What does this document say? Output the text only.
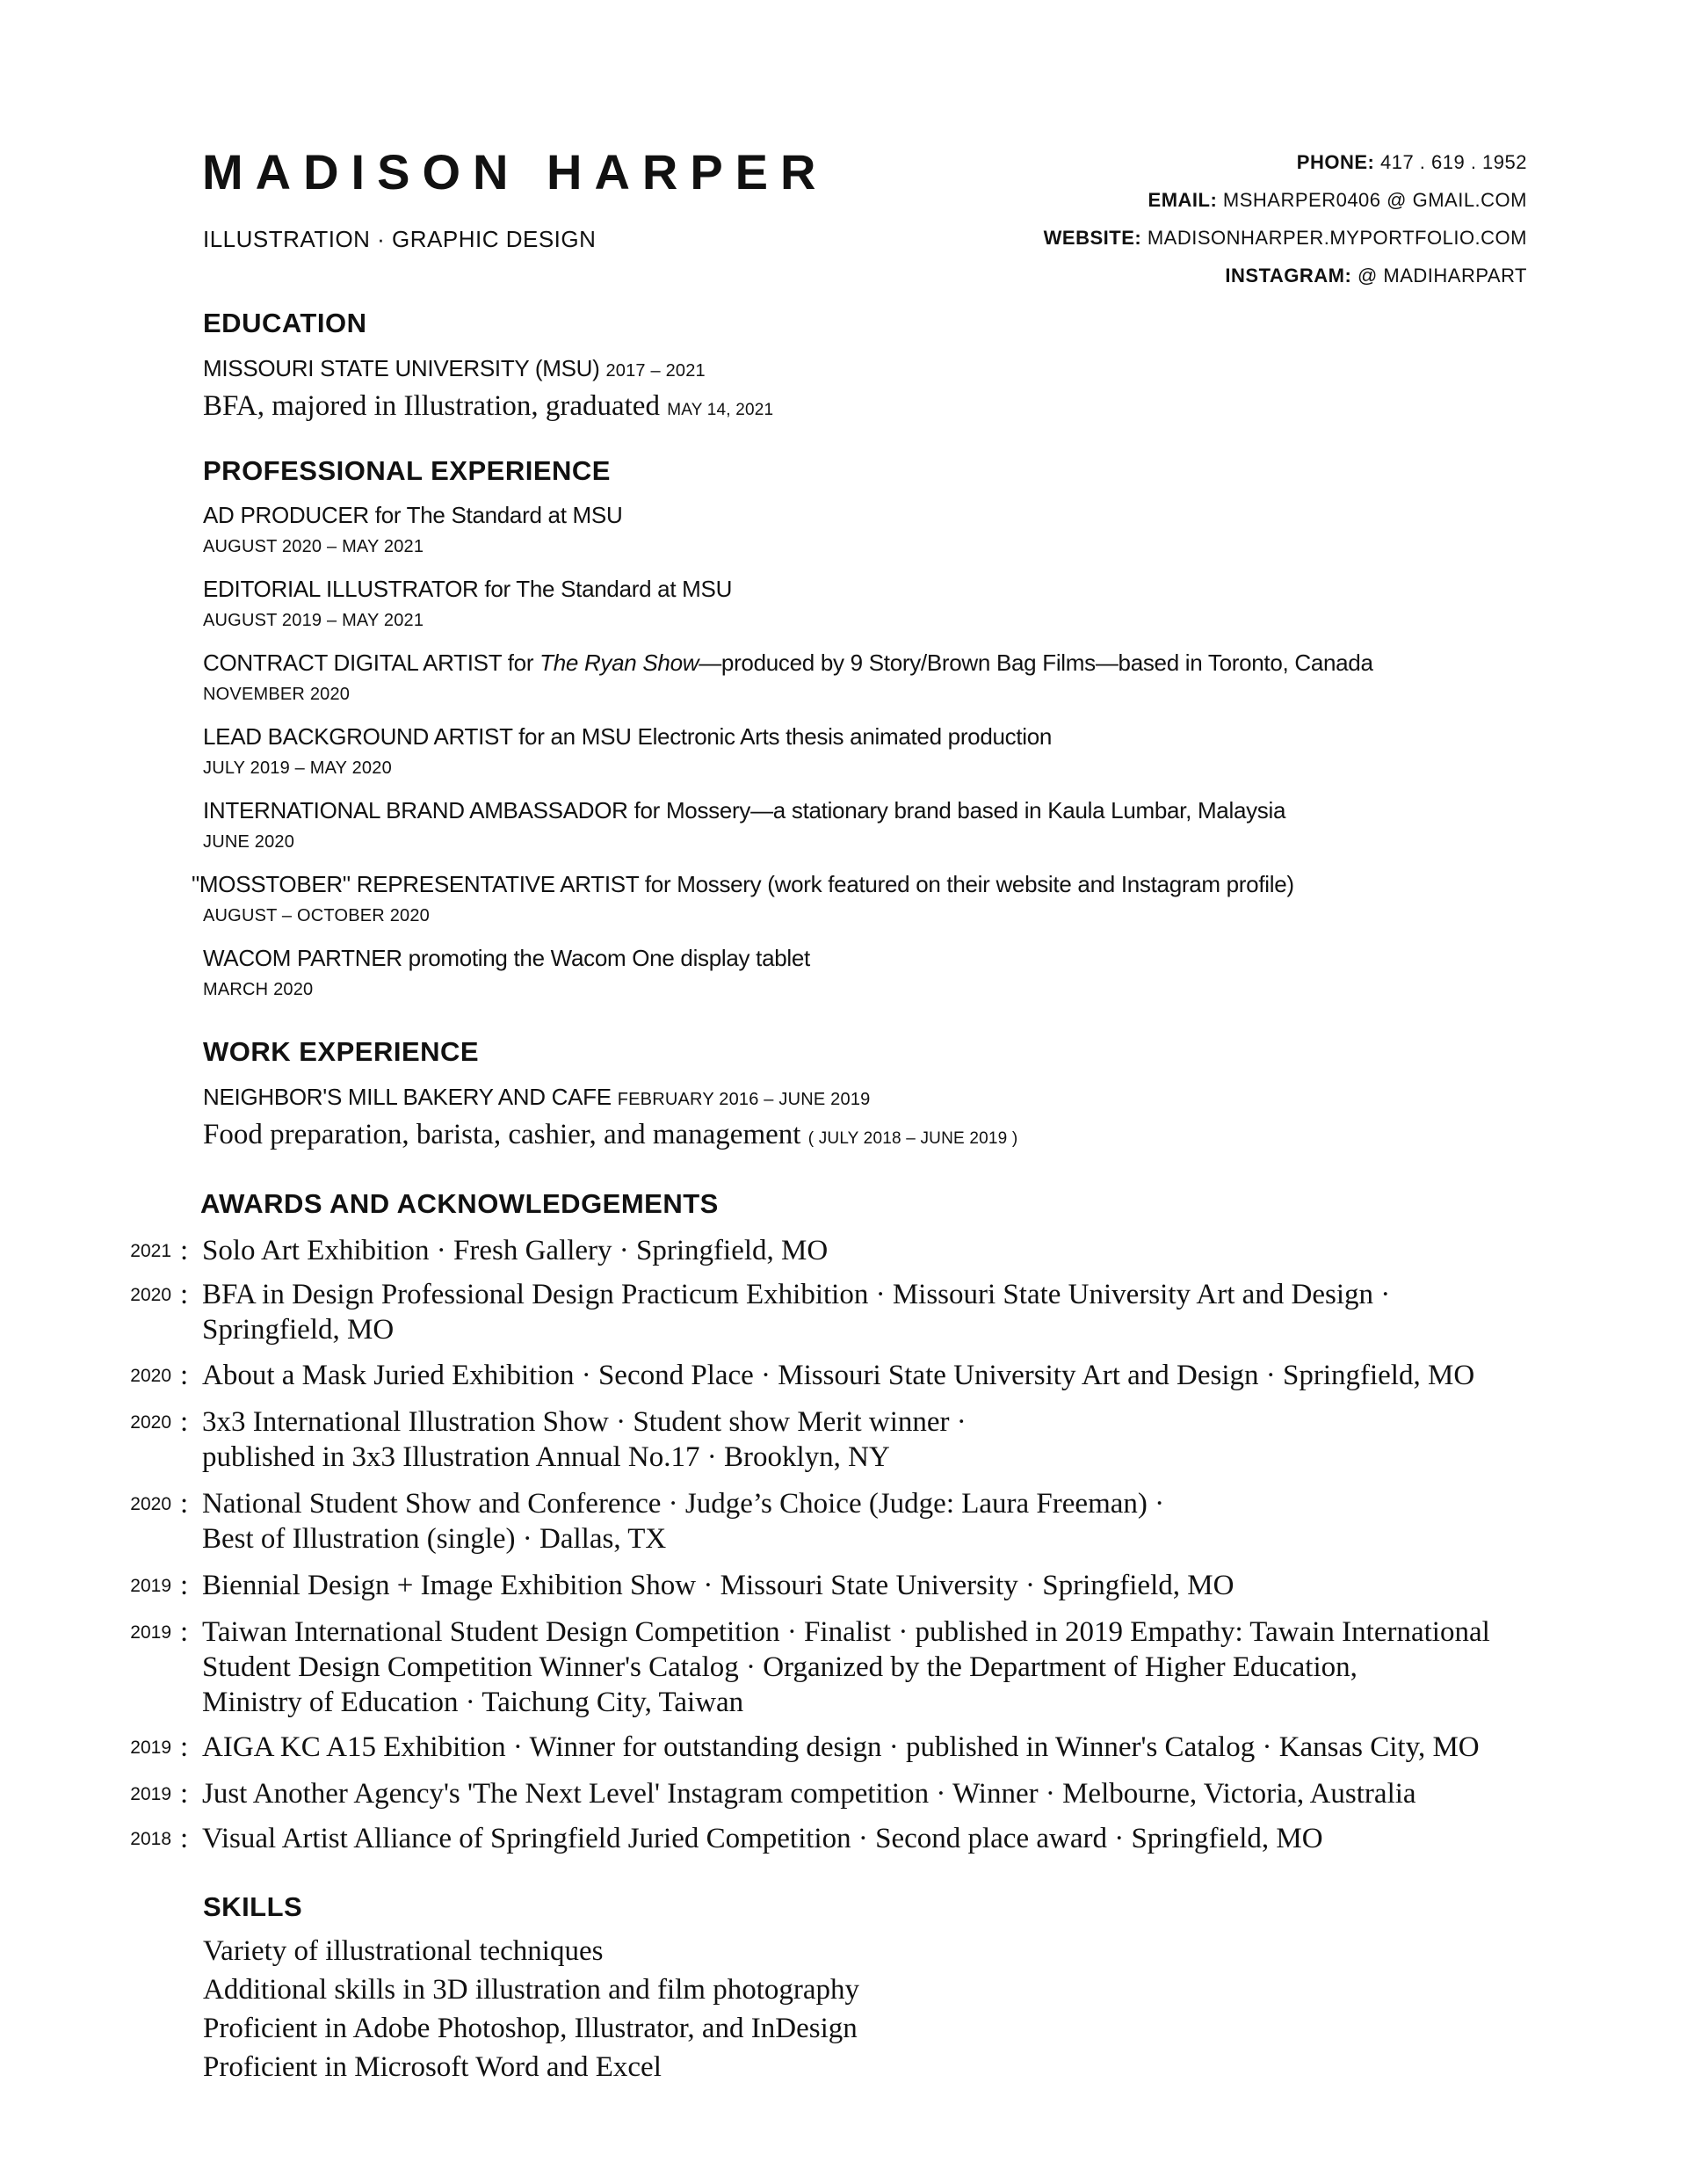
MADISON HARPER
ILLUSTRATION · GRAPHIC DESIGN
PHONE: 417 . 619 . 1952
EMAIL: MSHARPER0406 @ GMAIL.COM
WEBSITE: MADISONHARPER.MYPORTFOLIO.COM
INSTAGRAM: @ MADIHARPART
EDUCATION
MISSOURI STATE UNIVERSITY (MSU) 2017 – 2021
BFA, majored in Illustration, graduated MAY 14, 2021
PROFESSIONAL EXPERIENCE
AD PRODUCER for The Standard at MSU
AUGUST 2020 – MAY 2021
EDITORIAL ILLUSTRATOR for The Standard at MSU
AUGUST 2019 – MAY 2021
CONTRACT DIGITAL ARTIST for The Ryan Show—produced by 9 Story/Brown Bag Films—based in Toronto, Canada
NOVEMBER 2020
LEAD BACKGROUND ARTIST for an MSU Electronic Arts thesis animated production
JULY 2019 – MAY 2020
INTERNATIONAL BRAND AMBASSADOR for Mossery—a stationary brand based in Kaula Lumbar, Malaysia
JUNE 2020
"MOSSTOBER" REPRESENTATIVE ARTIST for Mossery (work featured on their website and Instagram profile)
AUGUST – OCTOBER 2020
WACOM PARTNER promoting the Wacom One display tablet
MARCH 2020
WORK EXPERIENCE
NEIGHBOR'S MILL BAKERY AND CAFE FEBRUARY 2016 – JUNE 2019
Food preparation, barista, cashier, and management ( JULY 2018 – JUNE 2019 )
AWARDS AND ACKNOWLEDGEMENTS
2021 : Solo Art Exhibition · Fresh Gallery · Springfield, MO
2020 : BFA in Design Professional Design Practicum Exhibition · Missouri State University Art and Design ·
Springfield, MO
2020 : About a Mask Juried Exhibition · Second Place · Missouri State University Art and Design · Springfield, MO
2020 : 3x3 International Illustration Show · Student show Merit winner ·
published in 3x3 Illustration Annual No.17 · Brooklyn, NY
2020 : National Student Show and Conference · Judge’s Choice (Judge: Laura Freeman) ·
Best of Illustration (single) · Dallas, TX
2019 : Biennial Design + Image Exhibition Show · Missouri State University · Springfield, MO
2019 : Taiwan International Student Design Competition · Finalist · published in 2019 Empathy: Tawain International
Student Design Competition Winner's Catalog · Organized by the Department of Higher Education,
Ministry of Education · Taichung City, Taiwan
2019 : AIGA KC A15 Exhibition · Winner for outstanding design · published in Winner's Catalog · Kansas City, MO
2019 : Just Another Agency's 'The Next Level' Instagram competition · Winner · Melbourne, Victoria, Australia
2018 : Visual Artist Alliance of Springfield Juried Competition · Second place award · Springfield, MO
SKILLS
Variety of illustrational techniques
Additional skills in 3D illustration and film photography
Proficient in Adobe Photoshop, Illustrator, and InDesign
Proficient in Microsoft Word and Excel
